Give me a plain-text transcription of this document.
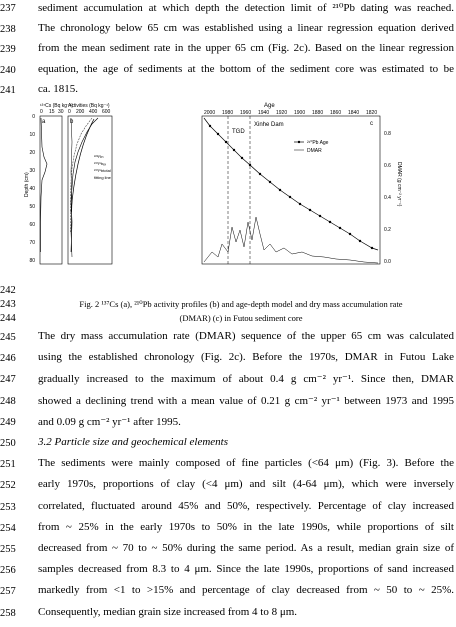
237	sediment accumulation at which depth the detection limit of ²¹⁰Pb dating was reached.
238	The chronology below 65 cm was established using a linear regression equation derived
239	from the mean sediment rate in the upper 65 cm (Fig. 2c). Based on the linear regression
240	equation, the age of sediments at the bottom of the sediment core was estimated to be
241	ca. 1815.
¹³⁷Cs (Bq kg⁻¹)
0 15 30
a
0
10
20
30
40
50
60
70
80
Depth (cm)
Activities (Bq kg⁻¹)
0 200 400 600
b
²²⁶Rn
²¹⁰Pbₑₓ
²¹⁰Pbtotal
fitting line
Age
2000 1980 1960 1940 1920 1900 1880 1860 1840 1820
c
TGD
Xinhe Dam
²¹⁰Pb Age
DMAR
0.8
0.6
0.4
0.2
0.0
DMAR (g cm⁻² yr⁻¹)
242
243	Fig. 2 ¹³⁷Cs (a), ²¹⁰Pb activity profiles (b) and age-depth model and dry mass accumulation rate
244	(DMAR) (c) in Futou sediment core
245	The dry mass accumulation rate (DMAR) sequence of the upper 65 cm was calculated
246	using the established chronology (Fig. 2c). Before the 1970s, DMAR in Futou Lake
247	gradually increased to the maximum of about 0.4 g cm⁻² yr⁻¹. Since then, DMAR
248	showed a declining trend with a mean value of 0.21 g cm⁻² yr⁻¹ between 1973 and 1995
249	and 0.09 g cm⁻² yr⁻¹ after 1995.
250	3.2 Particle size and geochemical elements
251	The sediments were mainly composed of fine particles (<64 μm) (Fig. 3). Before the
252	early 1970s, proportions of clay (<4 μm) and silt (4-64 μm), which were inversely
253	correlated, fluctuated around 45% and 50%, respectively. Percentage of clay increased
254	from ~ 25% in the early 1970s to 50% in the late 1990s, while proportions of silt
255	decreased from ~ 70 to ~ 50% during the same period. As a result, median grain size of
256	samples decreased from 8.3 to 4 μm. Since the late 1990s, proportions of sand increased
257	markedly from <1 to >15% and percentage of clay decreased from ~ 50 to ~ 25%.
258	Consequently, median grain size increased from 4 to 8 μm.
